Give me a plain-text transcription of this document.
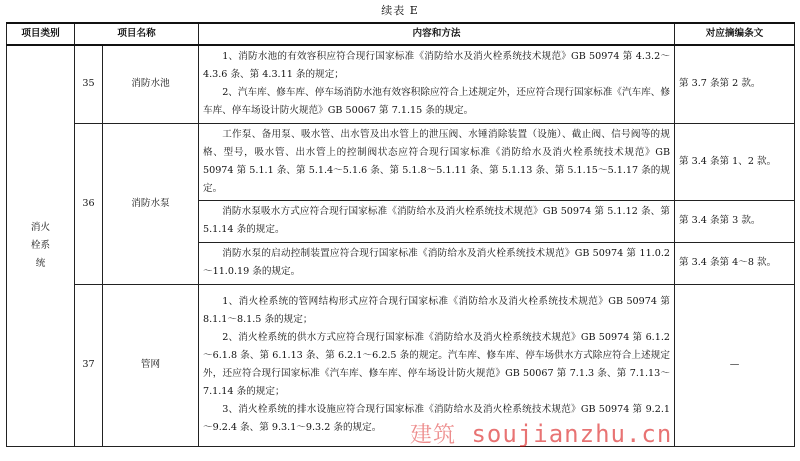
续表 E
项目类别	项目名称		内容和方法	对应摘编条文
消火栓系统	35	消防水池	1、消防水池的有效容积应符合现行国家标准《消防给水及消火栓系统技术规范》GB 50974 第 4.3.2～4.3.6 条、第 4.3.11 条的规定；

2、汽车库、修车库、停车场消防水池有效容积除应符合上述规定外，还应符合现行国家标准《汽车库、修车库、停车场设计防火规范》GB 50067 第 7.1.15 条的规定。	第 3.7 条第 2 款。
	36	消防水泵	工作泵、备用泵、吸水管、出水管及出水管上的泄压阀、水锤消除装置（设施）、截止阀、信号阀等的规格、型号，吸水管、出水管上的控制阀状态应符合现行国家标准《消防给水及消火栓系统技术规范》GB 50974 第 5.1.1 条、第 5.1.4～5.1.6 条、第 5.1.8～5.1.11 条、第 5.1.13 条、第 5.1.15～5.1.17 条的规定。	第 3.4 条第 1、2 款。

			消防水泵吸水方式应符合现行国家标准《消防给水及消火栓系统技术规范》GB 50974 第 5.1.12 条、第 5.1.14 条的规定。	第 3.4 条第 3 款。

			消防水泵的启动控制装置应符合现行国家标准《消防给水及消火栓系统技术规范》GB 50974 第 11.0.2～11.0.19 条的规定。	第 3.4 条第 4～8 款。
	37	管网	1、消火栓系统的管网结构形式应符合现行国家标准《消防给水及消火栓系统技术规范》GB 50974 第 8.1.1～8.1.5 条的规定；

2、消火栓系统的供水方式应符合现行国家标准《消防给水及消火栓系统技术规范》GB 50974 第 6.1.2～6.1.8 条、第 6.1.13 条、第 6.2.1～6.2.5 条的规定。汽车库、修车库、停车场供水方式除应符合上述规定外，还应符合现行国家标准《汽车库、修车库、停车场设计防火规范》GB 50067 第 7.1.3 条、第 7.1.13～7.1.14 条的规定；

3、消火栓系统的排水设施应符合现行国家标准《消防给水及消火栓系统技术规范》GB 50974 第 9.2.1～9.2.4 条、第 9.3.1～9.3.2 条的规定。	—
建筑 soujianzhu.cn
